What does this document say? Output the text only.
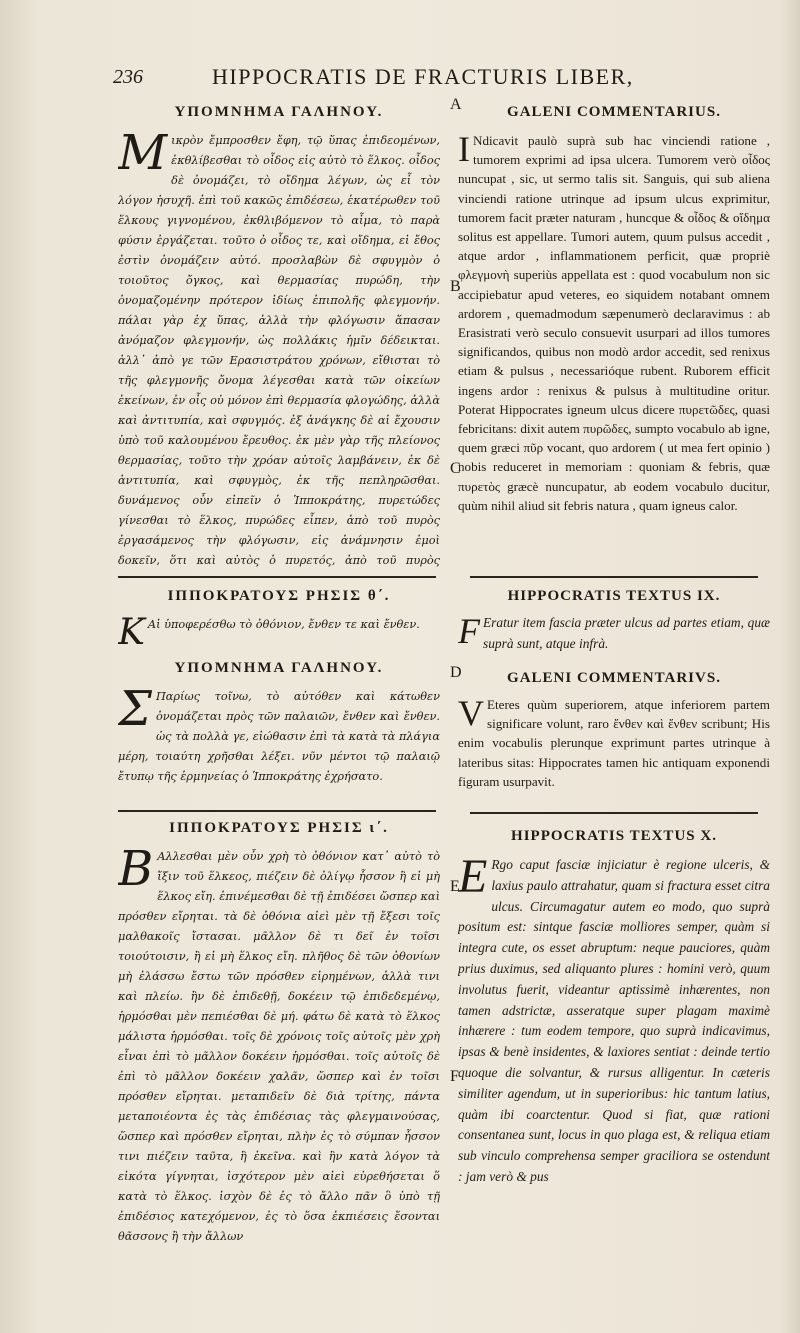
236	HIPPOCRATIS DE FRACTURIS LIBER,
A
B
C
D
E
F
ΥΠΟΜΝΗΜΑ ΓΑΛΗΝΟΥ.

Mικρὸν ἔμπροσθεν ἔφη, τῷ ὕπας ἐπιδεομένων, ἐκθλίβεσθαι τὸ οἶδος εἰς αὐτὸ τὸ ἕλκος. οἶδος δὲ ὀνομάζει, τὸ οἴδημα λέγων, ὡς εἶ τὸν λόγον ἡσυχῆ. ἐπὶ τοῦ κακῶς ἐπιδέσεω, ἑκατέρωθεν τοῦ ἕλκους γιγνομένου, ἐκθλιβόμενον τὸ αἷμα, τὸ παρὰ φύσιν ἐργάζεται. τοῦτο ὁ οἶδος τε, καὶ οἴδημα, εἰ ἔθος ἐστὶν ὀνομάζειν αὐτό. προσλαβὼν δὲ σφυγμὸν ὁ τοιοῦτος ὄγκος, καὶ θερμασίας πυρώδη, τὴν ὀνομαζομένην πρότερον ἰδίως ἐπιπολῆς φλεγμονήν. πάλαι γὰρ ἐχ ὕπας, ἀλλὰ τὴν φλόγωσιν ἅπασαν ἀνόμαζον φλεγμονήν, ὡς πολλάκις ἡμῖν δέδεικται. ἀλλ᾽ ἀπὸ γε τῶν Ερασιστράτου χρόνων, εἴθισται τὸ τῆς φλεγμονῆς ὄνομα λέγεσθαι κατὰ τῶν οἰκείων ἐκείνων, ἐν οἷς οὐ μόνον ἐπὶ θερμασία φλογώδης, ἀλλὰ καὶ ἀντιτυπία, καὶ σφυγμός. ἐξ ἀνάγκης δὲ αἱ ἔχουσιν ὑπὸ τοῦ καλουμένου ἔρευθος. ἐκ μὲν γὰρ τῆς πλείονος θερμασίας, τοῦτο τὴν χρόαν αὐτοῖς λαμβάνειν, ἐκ δὲ ἀντιτυπία, καὶ σφυγμὸς, ἐκ τῆς πεπληρῶσθαι. δυνάμενος οὖν εἰπεῖν ὁ Ἱπποκράτης, πυρετώδες γίνεσθαι τὸ ἕλκος, πυρώδες εἶπεν, ἀπὸ τοῦ πυρὸς ἐργασάμενος τὴν φλόγωσιν, εἰς ἀνάμνησιν ἐμοὶ δοκεῖν, ὅτι καὶ αὐτὸς ὁ πυρετός, ἀπὸ τοῦ πυρὸς

ΙΠΠΟΚΡΑΤΟΥΣ ΡΗΣΙΣ θ΄.

K Αἱ ὑποφερέσθω τὸ ὀθόνιον, ἔνθεν τε καὶ ἔνθεν.

ΥΠΟΜΝΗΜΑ ΓΑΛΗΝΟΥ.

Σ Παρίως τοῖνω, τὸ αὐτόθεν καὶ κάτωθεν ὀνομάζεται πρὸς τῶν παλαιῶν, ἔνθεν καὶ ἔνθεν. ὡς τὰ πολλὰ γε, εἰώθασιν ἐπὶ τὰ κατὰ τὰ πλάγια μέρη, τοιαύτη χρῆσθαι λέξει. νῦν μέντοι τῷ παλαιῷ ἔτυπῳ τῆς ἑρμηνείας ὁ Ἱπποκράτης ἐχρήσατο.

ΙΠΠΟΚΡΑΤΟΥΣ ΡΗΣΙΣ ι΄.

B Αλλεσθαι μὲν οὖν χρὴ τὸ ὀθόνιον κατ᾽ αὐτὸ τὸ ἴξιν τοῦ ἕλκεος, πιέζειν δὲ ὀλίγῳ ἧσσον ἢ εἰ μὴ ἕλκος εἴη. ἐπινέμεσθαι δὲ τῇ ἐπιδέσει ὥσπερ καὶ πρόσθεν εἴρηται. τὰ δὲ ὀθόνια αἰεὶ μὲν τῇ ἔξεσι τοῖς μαλθακοῖς ἴστασαι. μᾶλλον δὲ τι δεῖ ἐν τοῖσι τοιούτοισιν, ἢ εἰ μὴ ἕλκος εἴη. πλῆθος δὲ τῶν ὀθονίων μὴ ἐλάσσω ἔστω τῶν πρόσθεν εἰρημένων, ἀλλὰ τινι καὶ πλείω. ἢν δὲ ἐπιδεθῇ, δοκέειν τῷ ἐπιδεδεμένῳ, ἡρμόσθαι μὲν πεπιέσθαι δὲ μή. φάτω δὲ κατὰ τὸ ἕλκος μάλιστα ἡρμόσθαι. τοῖς δὲ χρόνοις τοῖς αὐτοῖς μὲν χρὴ εἶναι ἐπὶ τὸ μᾶλλον δοκέειν ἡρμόσθαι. τοῖς αὐτοῖς δὲ ἐπὶ τὸ μᾶλλον δοκέειν χαλᾶν, ὥσπερ καὶ ἐν τοῖσι πρόσθεν εἴρηται. μεταπιδεῖν δὲ διὰ τρίτης, πάντα μεταποιέοντα ἐς τὰς ἐπιδέσιας τὰς φλεγμαινούσας, ὥσπερ καὶ πρόσθεν εἴρηται, πλὴν ἐς τὸ σύμπαν ἧσσον τινι πιέζειν ταῦτα, ἢ ἐκεῖνα. καὶ ἢν κατὰ λόγον τὰ εἰκότα γίγνηται, ἰσχότερον μὲν αἰεὶ εὑρεθήσεται ὅ κατὰ τὸ ἕλκος. ἰσχὸν δὲ ἐς τὸ ἄλλο πᾶν ὃ ὑπὸ τῇ ἐπιδέσιος κατεχόμενον, ἐς τὸ ὅσα ἐκπιέσεις ἔσονται θᾶσσονς ἢ τὴν ἄλλων

GALENI COMMENTARIUS.

I Ndicavit paulò suprà sub hac vinciendi ratione , tumorem exprimi ad ipsa ulcera. Tumorem verò οἶδος nuncupat , sic, ut sermo talis sit. Sanguis, qui sub aliena vinciendi ratione utrinque ad ipsum ulcus exprimitur, tumorem facit præter naturam , huncque & οἶδος & οἴδημα solitus est appellare. Tumori autem, quum pulsus accedit , atque ardor , inflammationem perficit, quæ propriè φλεγμονὴ superiùs appellata est : quod vocabulum non sic accipiebatur apud veteres, eo siquidem notabant omnem ardorem , quemadmodum sæpenumerò declaravimus : ab Erasistrati verò seculo consuevit usurpari ad illos tumores significandos, quibus non modò ardor accedit, sed renixus etiam & pulsus , necessarióque rubent. Ruborem efficit ingens ardor : renixus & pulsus à multitudine oritur. Poterat Hippocrates igneum ulcus dicere πυρετῶδες, quasi febricitans: dixit autem πυρῶδες, sumpto vocabulo ab igne, quem græci πῦρ vocant, quo ardorem ( ut mea fert opinio ) nobis reduceret in memoriam : quoniam & febris, quæ πυρετὸς græcè nuncupatur, ab eodem vocabulo ducitur, quùm nihil aliud sit febris natura , quam igneus calor.

HIPPOCRATIS TEXTUS IX.

F Eratur item fascia præter ulcus ad partes etiam, quæ suprà sunt, atque infrà.

GALENI COMMENTARIVS.

V Eteres quùm superiorem, atque inferiorem partem significare volunt, raro ἔνθεν καὶ ἔνθεν scribunt; His enim vocabulis plerunque exprimunt partes utrinque à lateribus sitas: Hippocrates tamen hic antiquam exponendi figuram usurpavit.

HIPPOCRATIS TEXTUS X.

E Rgo caput fasciæ injiciatur è regione ulceris, & laxius paulo attrahatur, quam si fractura esset citra ulcus. Circumagatur autem eo modo, quo suprà positum est: sintque fasciæ molliores semper, quàm si integra cute, os esset abruptum: neque pauciores, quàm prius duximus, sed aliquanto plures : homini verò, quum involutus fuerit, videantur aptissimè inhærentes, non tamen adstrictæ, asseratque super plagam maximè inhærere : tum eodem tempore, quo suprà indicavimus, ipsas & benè insidentes, & laxiores sentiat : deinde tertio quoque die solvantur, & rursus alligentur. In cæteris similiter agendum, ut in superioribus: hic tantum latius, quàm ibi coarctentur. Quod si fiat, quæ rationi consentanea sunt, locus in quo plaga est, & reliqua etiam sub vinculo comprehensa semper graciliora se ostendunt : jam verò & pus
